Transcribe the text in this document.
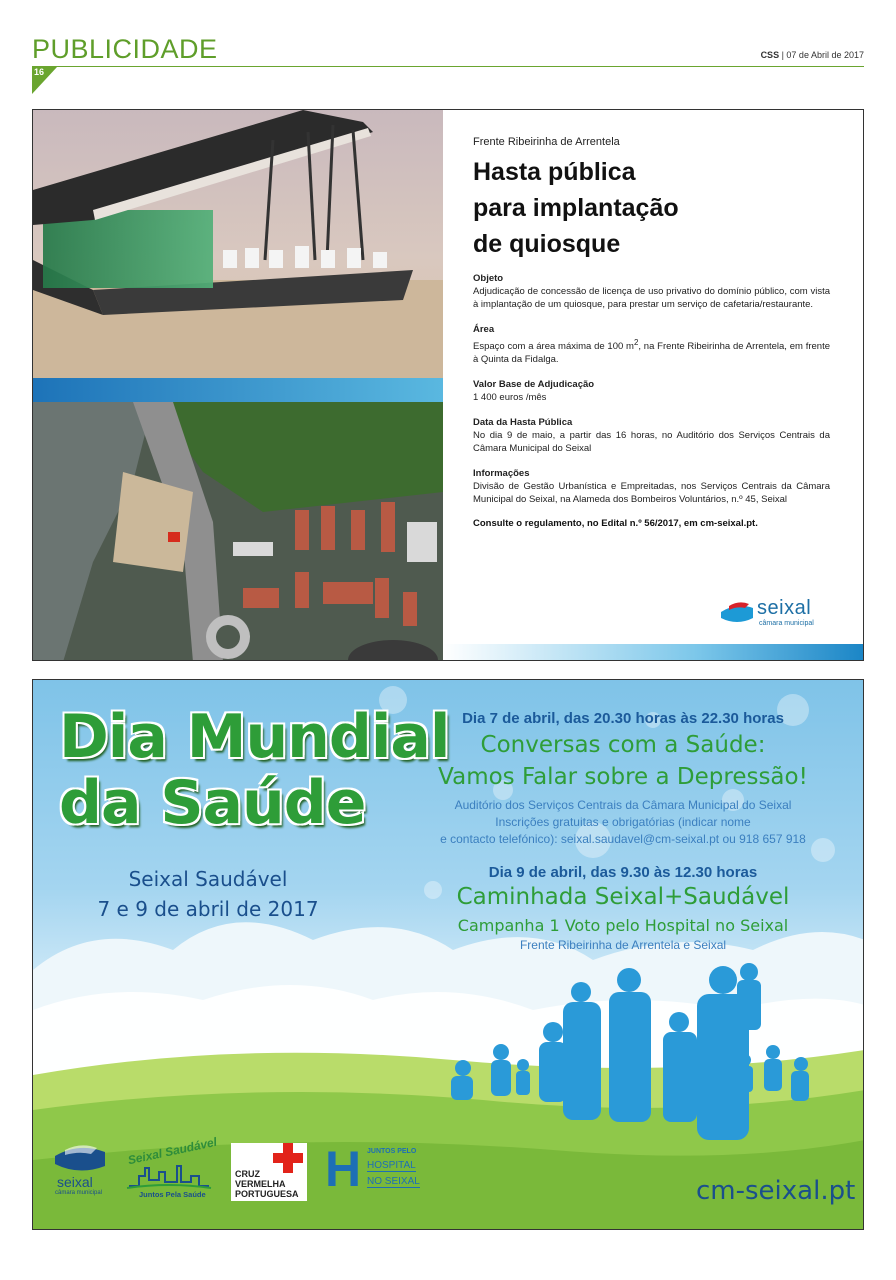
PUBLICIDADE	CSS | 07 de Abril de 2017
16
Frente Ribeirinha de Arrentela
Hasta pública
para implantação
de quiosque
Objeto
Adjudicação de concessão de licença de uso privativo do domínio público, com vista à implantação de um quiosque, para prestar um serviço de cafetaria/restaurante.
Área
Espaço com a área máxima de 100 $m^2$, na Frente Ribeirinha de Arrentela, em frente à Quinta da Fidalga.
Valor Base de Adjudicação
1 400 euros /mês
Data da Hasta Pública
No dia 9 de maio, a partir das 16 horas, no Auditório dos Serviços Centrais da Câmara Municipal do Seixal
Informações
Divisão de Gestão Urbanística e Empreitadas, nos Serviços Centrais da Câmara Municipal do Seixal, na Alameda dos Bombeiros Voluntários, n.º 45, Seixal
Consulte o regulamento, no Edital n.º 56/2017, em cm-seixal.pt.
seixal
câmara municipal
Dia Mundial
da Saúde
Seixal Saudável
7 e 9 de abril de 2017
Dia 7 de abril, das 20.30 horas às 22.30 horas
Conversas com a Saúde:
Vamos Falar sobre a Depressão!
Auditório dos Serviços Centrais da Câmara Municipal do Seixal
Inscrições gratuitas e obrigatórias (indicar nome
e contacto telefónico): seixal.saudavel@cm-seixal.pt ou 918 657 918
Dia 9 de abril, das 9.30 às 12.30 horas
Caminhada Seixal+Saudável
Campanha 1 Voto pelo Hospital no Seixal
Frente Ribeirinha de Arrentela e Seixal
seixal
câmara municipal
Seixal Saudável
Juntos Pela Saúde
CRUZ
VERMELHA
PORTUGUESA H JUNTOS PELO
HOSPITAL
NO SEIXAL	cm-seixal.pt
